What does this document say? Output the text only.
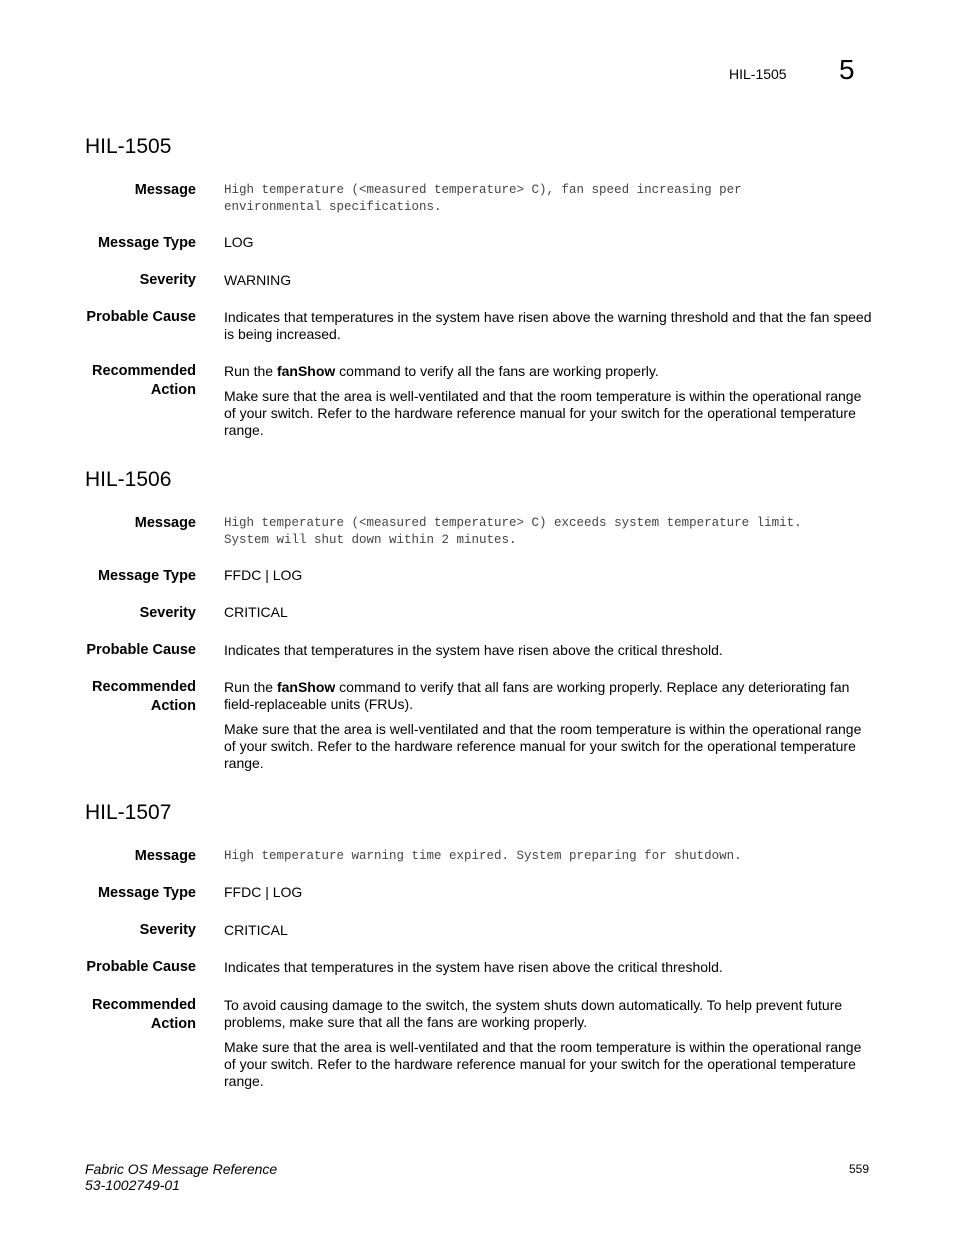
HIL-1505 5
HIL-1505
Message High temperature (<measured temperature> C), fan speed increasing per
environmental specifications.
Message Type LOG
Severity WARNING
Probable Cause Indicates that temperatures in the system have risen above the warning threshold and that the fan speed is being increased.
Recommended
Action
Run the fanShow command to verify all the fans are working properly.
Make sure that the area is well-ventilated and that the room temperature is within the operational range of your switch. Refer to the hardware reference manual for your switch for the operational temperature range.
HIL-1506
Message High temperature (<measured temperature> C) exceeds system temperature limit.
System will shut down within 2 minutes.
Message Type FFDC | LOG
Severity CRITICAL
Probable Cause Indicates that temperatures in the system have risen above the critical threshold.
Recommended
Action
Run the fanShow command to verify that all fans are working properly. Replace any deteriorating fan field-replaceable units (FRUs).
Make sure that the area is well-ventilated and that the room temperature is within the operational range of your switch. Refer to the hardware reference manual for your switch for the operational temperature range.
HIL-1507
Message High temperature warning time expired. System preparing for shutdown.
Message Type FFDC | LOG
Severity CRITICAL
Probable Cause Indicates that temperatures in the system have risen above the critical threshold.
Recommended
Action
To avoid causing damage to the switch, the system shuts down automatically. To help prevent future problems, make sure that all the fans are working properly.
Make sure that the area is well-ventilated and that the room temperature is within the operational range of your switch. Refer to the hardware reference manual for your switch for the operational temperature range.
Fabric OS Message Reference
53-1002749-01
559
